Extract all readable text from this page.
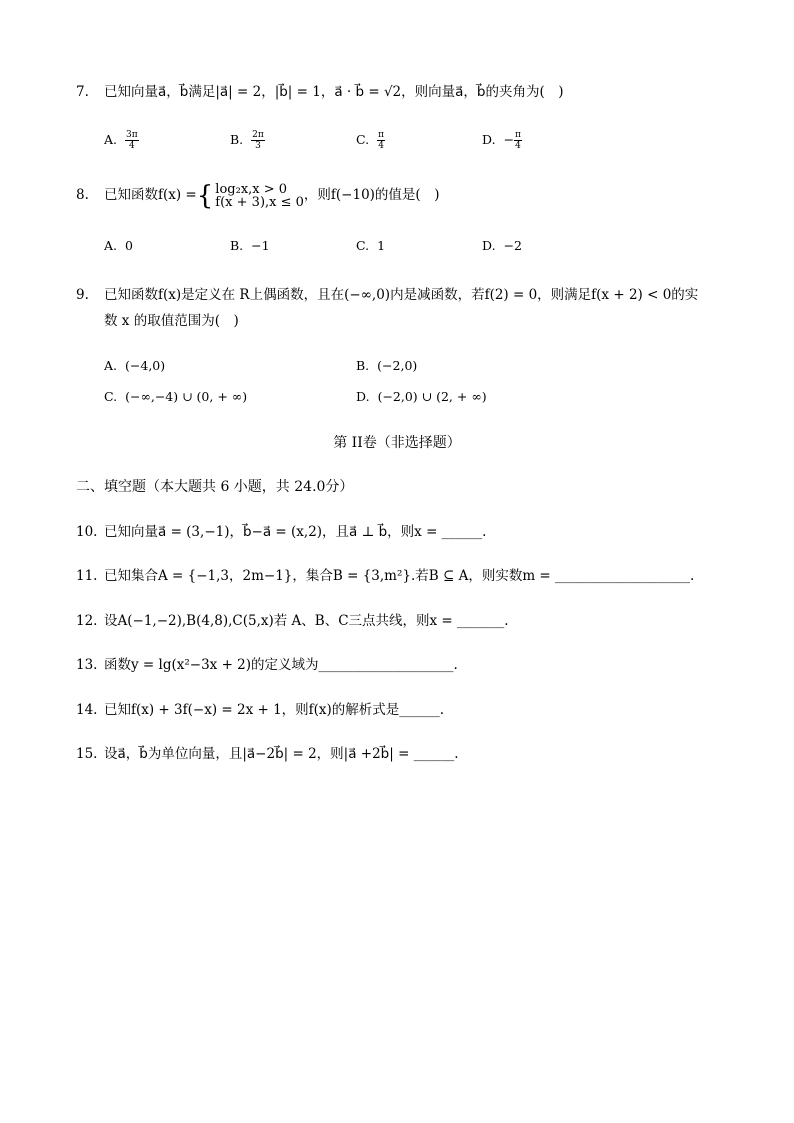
7. 已知向量a⃗，b⃗满足|a⃗| = 2，|b⃗| = 1，a⃗ · b⃗ = √2，则向量a⃗，b⃗的夹角为(　)
A. $\frac{3\pi}{4}$	B. $\frac{2\pi}{3}$	C. $\frac{\pi}{4}$	D. − $\frac{\pi}{4}$
8. 已知函数f(x) ={ log₂x,x > 0
f(x + 3),x ≤ 0 ，则f(−10)的值是(　)
A. 0	B. −1	C. 1	D. −2
9. 已知函数f(x)是定义在 R上偶函数，且在(−∞,0)内是减函数，若f(2) = 0，则满足f(x + 2) < 0的实
数 x 的取值范围为(　)
A. (−4,0)	B. (−2,0)
C. (−∞,−4) ∪ (0, + ∞)	D. (−2,0) ∪ (2, + ∞)
第 II卷（非选择题）
二、填空题（本大题共 6 小题，共 24.0分）
10. 已知向量a⃗ = (3,−1)，b⃗−a⃗ = (x,2)，且a⃗ ⊥ b⃗，则x = ______.
11. 已知集合A = {−1,3，2m−1}，集合B = {3,m²}.若B ⊆ A，则实数m = ____________________.
12. 设A(−1,−2),B(4,8),C(5,x)若 A、B、C三点共线，则x = _______.
13. 函数y = lg(x²−3x + 2)的定义域为____________________.
14. 已知f(x) + 3f(−x) = 2x + 1，则f(x)的解析式是______.
15. 设a⃗，b⃗为单位向量，且|a⃗−2b⃗| = 2，则|a⃗ +2b⃗| = ______.
